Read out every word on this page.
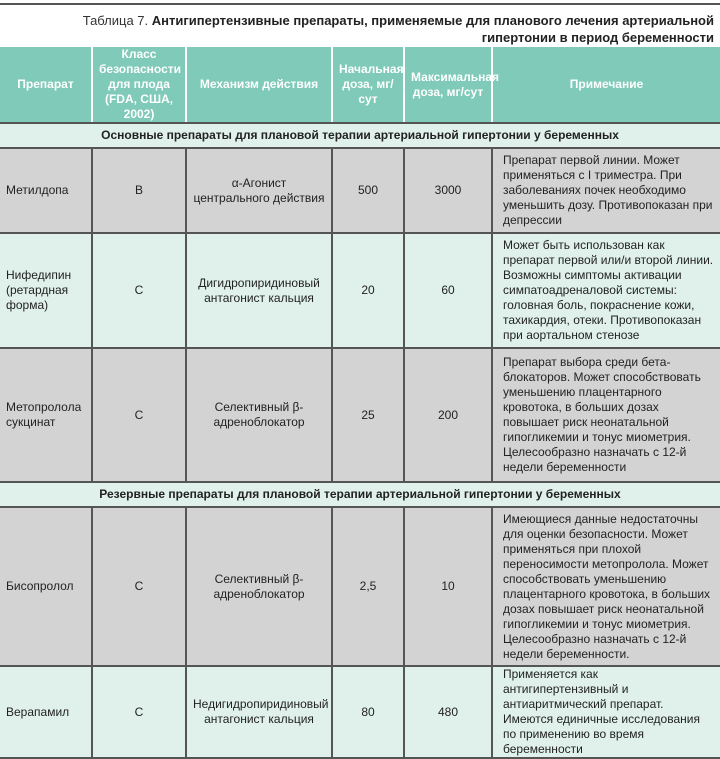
Таблица 7. Антигипертензивные препараты, применяемые для планового лечения артериальной гипертонии в период беременности
Препарат	Класс безопасности для плода (FDA, США, 2002)	Механизм действия	Начальная доза, мг/сут	Максимальная доза, мг/сут	Примечание
Основные препараты для плановой терапии артериальной гипертонии у беременных					
Метилдопа	B	α-Агонист центрального действия	500	3000	Препарат первой линии. Может применяться с I триместра. При заболеваниях почек необходимо уменьшить дозу. Противопоказан при депрессии
Нифедипин (ретардная форма)	C	Дигидропиридиновый антагонист кальция	20	60	Может быть использован как препарат первой или/и второй линии. Возможны симптомы активации симпатоадреналовой системы: головная боль, покраснение кожи, тахикардия, отеки. Противопоказан при аортальном стенозе
Метопролола сукцинат	C	Селективный β-адреноблокатор	25	200	Препарат выбора среди бета-блокаторов. Может способствовать уменьшению плацентарного кровотока, в больших дозах повышает риск неонатальной гипогликемии и тонус миометрия. Целесообразно назначать с 12-й недели беременности
Резервные препараты для плановой терапии артериальной гипертонии у беременных					
Бисопролол	C	Селективный β-адреноблокатор	2,5	10	Имеющиеся данные недостаточны для оценки безопасности. Может применяться при плохой переносимости метопролола. Может способствовать уменьшению плацентарного кровотока, в больших дозах повышает риск неонатальной гипогликемии и тонус миометрия. Целесообразно назначать с 12-й недели беременности.
Верапамил	C	Недигидропиридиновый антагонист кальция	80	480	Применяется как антигипертензивный и антиаритмический препарат. Имеются единичные исследования по применению во время беременности
